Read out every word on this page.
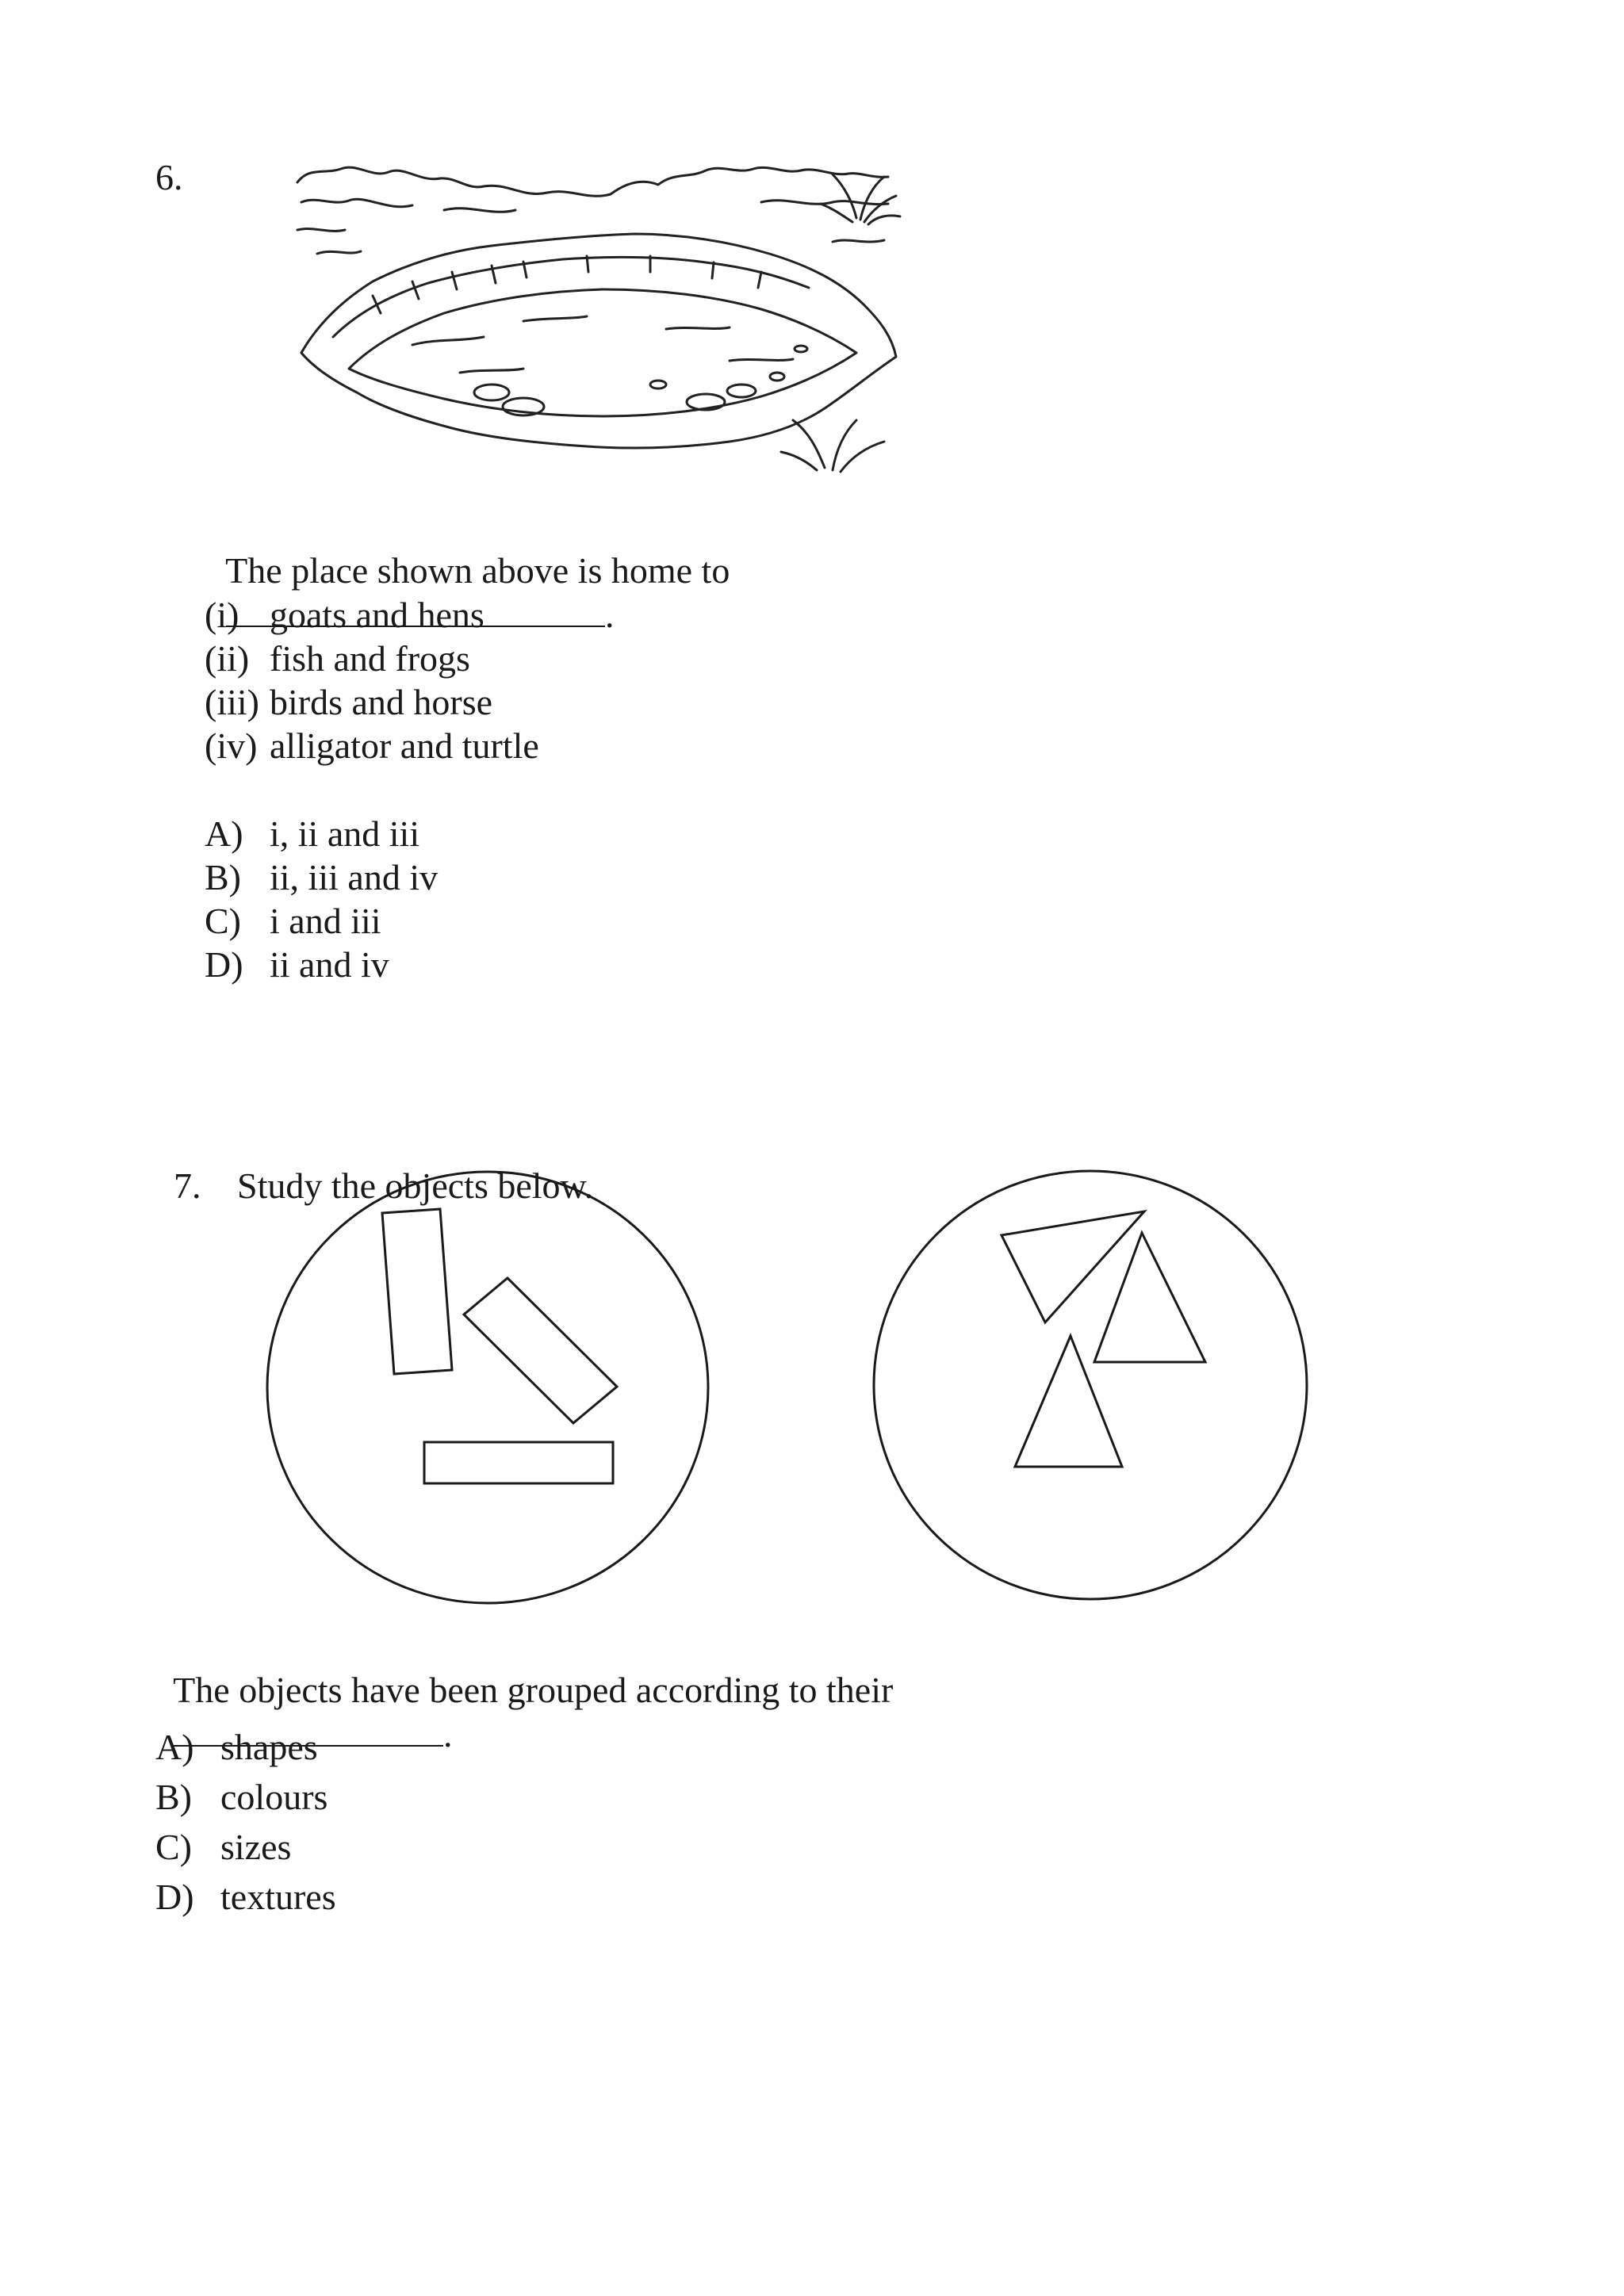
6.

The place shown above is home to
.

(i) goats and hens
(ii) fish and frogs
(iii) birds and horse
(iv) alligator and turtle
A) i, ii and iii
B) ii, iii and iv
C) i and iii
D) ii and iv

7. Study the objects below.

The objects have been grouped according to their
.

A) shapes
B) colours
C) sizes
D) textures
